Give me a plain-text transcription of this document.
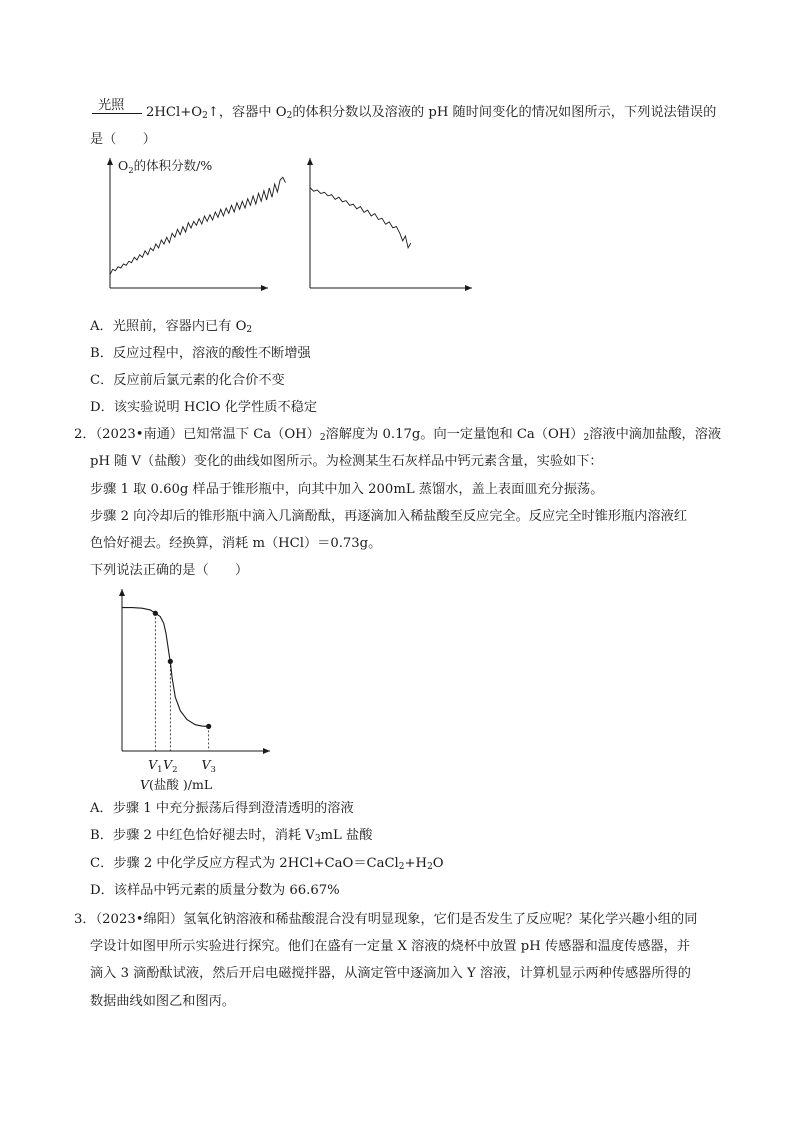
光照 $2HCl+O_2↑$，容器中 $O_2$的体积分数以及溶液的 pH 随时间变化的情况如图所示，下列说法错误的
是（　　）
$O_2$的体积分数/%
A．光照前，容器内已有 $O_2$
B．反应过程中，溶液的酸性不断增强
C．反应前后氯元素的化合价不变
D．该实验说明 HClO 化学性质不稳定
2．（2023•南通）已知常温下 $Ca(OH)_2$溶解度为 0.17g。向一定量饱和 $Ca(OH)_2$溶液中滴加盐酸，溶液
pH 随 V（盐酸）变化的曲线如图所示。为检测某生石灰样品中钙元素含量，实验如下：
步骤 1 取 0.60g 样品于锥形瓶中，向其中加入 200mL 蒸馏水，盖上表面皿充分振荡。
步骤 2 向冷却后的锥形瓶中滴入几滴酚酞，再逐滴加入稀盐酸至反应完全。反应完全时锥形瓶内溶液红
色恰好褪去。经换算，消耗 m（HCl）＝0.73g。
下列说法正确的是（　　）
$V_1$ $V_2$ $V_3$
V(盐酸 )/mL
A．步骤 1 中充分振荡后得到澄清透明的溶液
B．步骤 2 中红色恰好褪去时，消耗 $V_3mL$ 盐酸
C．步骤 2 中化学反应方程式为 $2HCl+CaO=CaCl_2+H_2O$
D．该样品中钙元素的质量分数为 66.67%
3．（2023•绵阳）氢氧化钠溶液和稀盐酸混合没有明显现象，它们是否发生了反应呢？某化学兴趣小组的同
学设计如图甲所示实验进行探究。他们在盛有一定量 X 溶液的烧杯中放置 pH 传感器和温度传感器，并
滴入 3 滴酚酞试液，然后开启电磁搅拌器，从滴定管中逐滴加入 Y 溶液，计算机显示两种传感器所得的
数据曲线如图乙和图丙。
